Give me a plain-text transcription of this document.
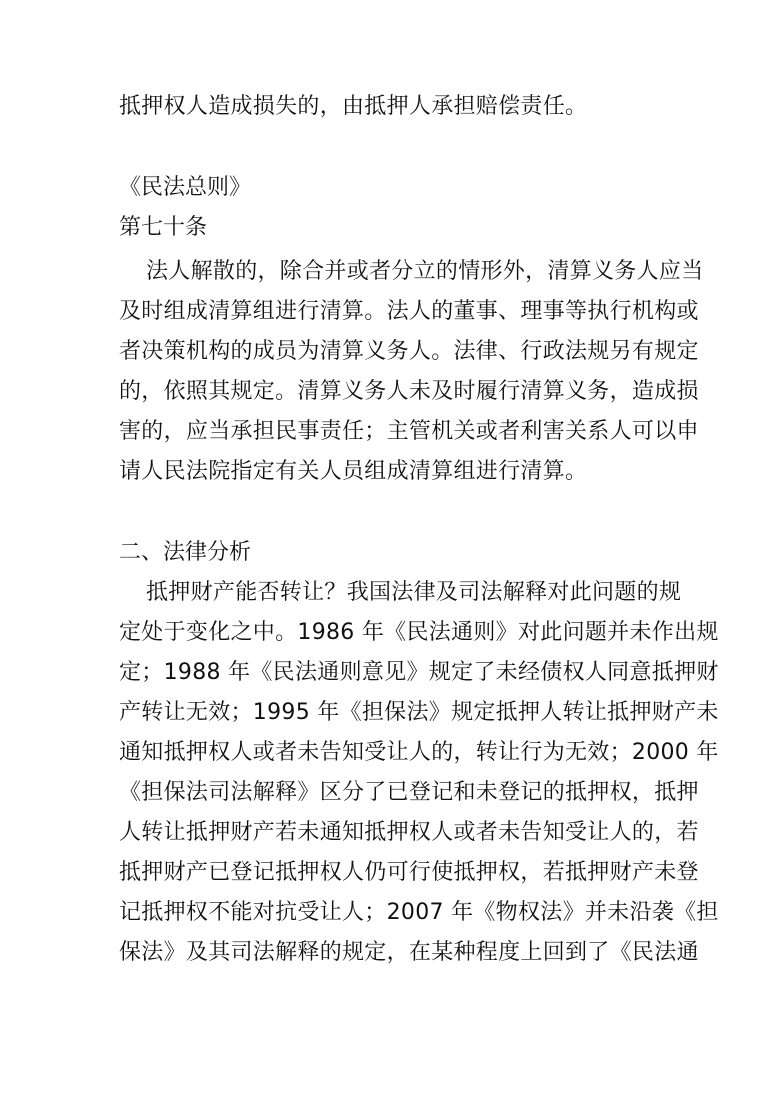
抵押权人造成损失的，由抵押人承担赔偿责任。
《民法总则》
第七十条
法人解散的，除合并或者分立的情形外，清算义务人应当
及时组成清算组进行清算。法人的董事、理事等执行机构或
者决策机构的成员为清算义务人。法律、行政法规另有规定
的，依照其规定。清算义务人未及时履行清算义务，造成损
害的，应当承担民事责任；主管机关或者利害关系人可以申
请人民法院指定有关人员组成清算组进行清算。
二、法律分析
抵押财产能否转让？我国法律及司法解释对此问题的规
定处于变化之中。1986 年《民法通则》对此问题并未作出规
定；1988 年《民法通则意见》规定了未经债权人同意抵押财
产转让无效；1995 年《担保法》规定抵押人转让抵押财产未
通知抵押权人或者未告知受让人的，转让行为无效；2000 年
《担保法司法解释》区分了已登记和未登记的抵押权，抵押
人转让抵押财产若未通知抵押权人或者未告知受让人的，若
抵押财产已登记抵押权人仍可行使抵押权，若抵押财产未登
记抵押权不能对抗受让人；2007 年《物权法》并未沿袭《担
保法》及其司法解释的规定，在某种程度上回到了《民法通
